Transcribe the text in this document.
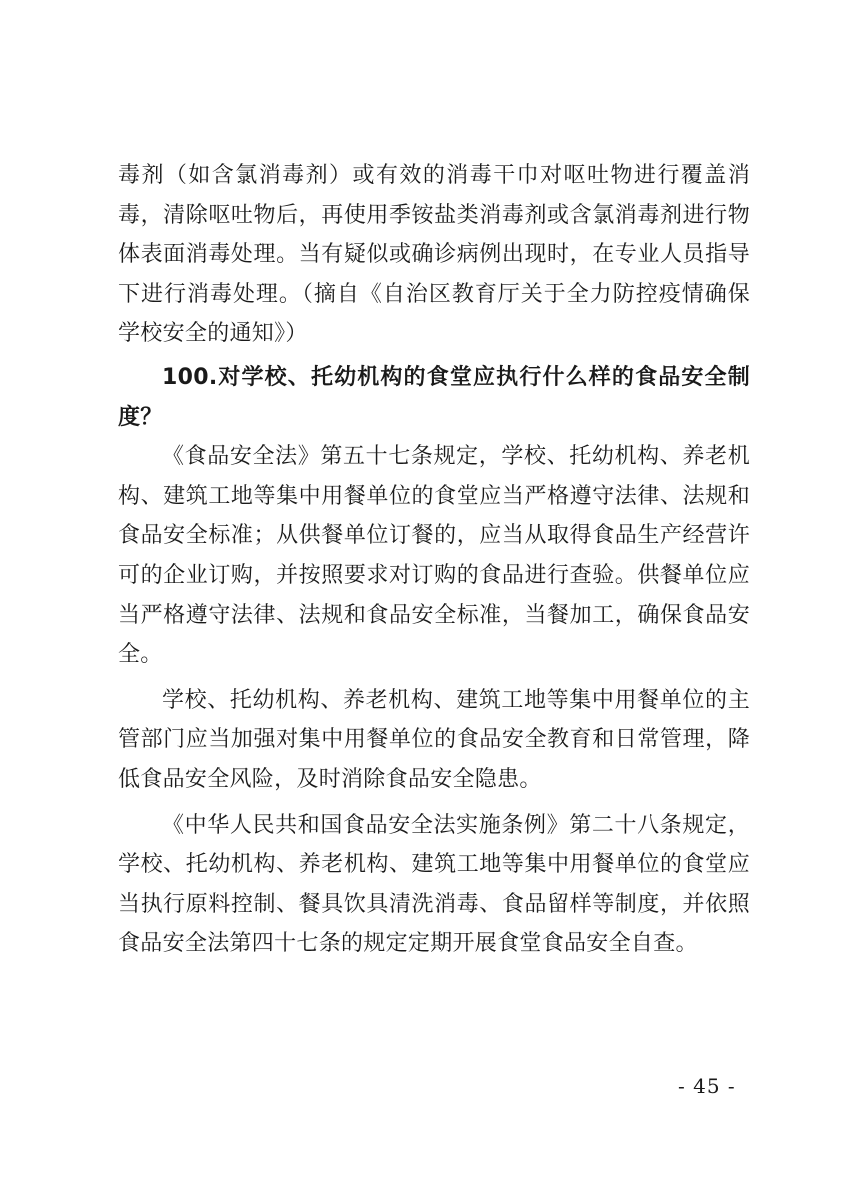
毒剂（如含氯消毒剂）或有效的消毒干巾对呕吐物进行覆盖消毒，清除呕吐物后，再使用季铵盐类消毒剂或含氯消毒剂进行物体表面消毒处理。当有疑似或确诊病例出现时，在专业人员指导下进行消毒处理。（摘自《自治区教育厅关于全力防控疫情确保学校安全的通知》）

100.对学校、托幼机构的食堂应执行什么样的食品安全制度？

《食品安全法》第五十七条规定，学校、托幼机构、养老机构、建筑工地等集中用餐单位的食堂应当严格遵守法律、法规和食品安全标准；从供餐单位订餐的，应当从取得食品生产经营许可的企业订购，并按照要求对订购的食品进行查验。供餐单位应当严格遵守法律、法规和食品安全标准，当餐加工，确保食品安全。

学校、托幼机构、养老机构、建筑工地等集中用餐单位的主管部门应当加强对集中用餐单位的食品安全教育和日常管理，降低食品安全风险，及时消除食品安全隐患。

《中华人民共和国食品安全法实施条例》第二十八条规定，学校、托幼机构、养老机构、建筑工地等集中用餐单位的食堂应当执行原料控制、餐具饮具清洗消毒、食品留样等制度，并依照食品安全法第四十七条的规定定期开展食堂食品安全自查。

- 45 -
